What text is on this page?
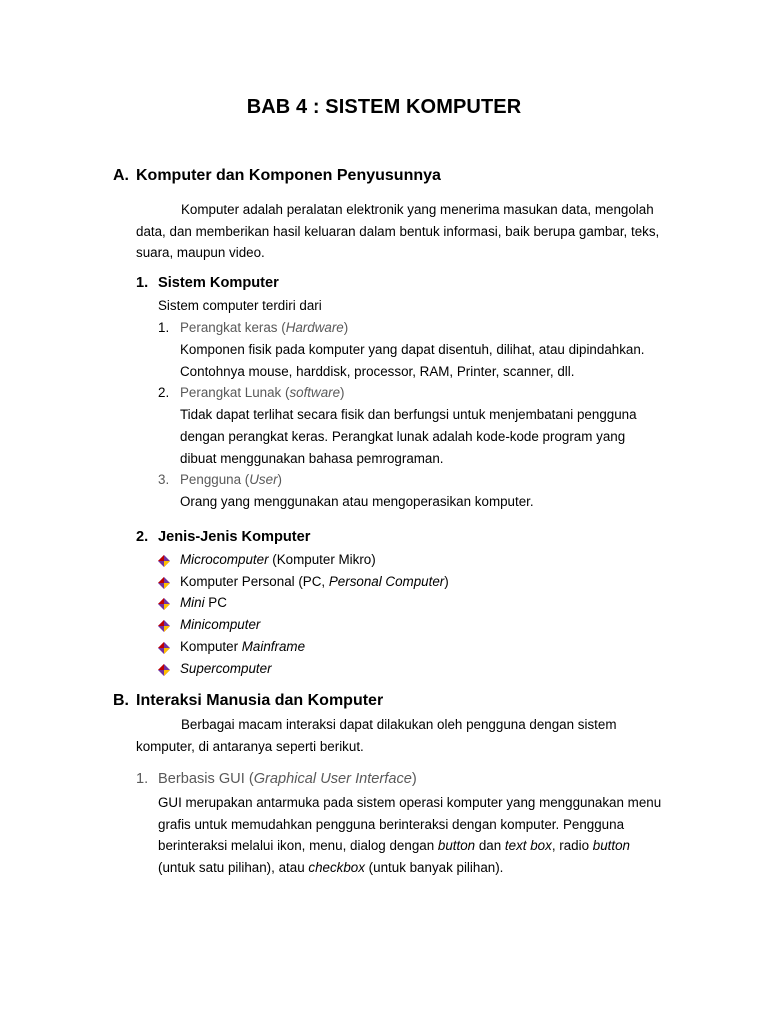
BAB 4 : SISTEM KOMPUTER
A. Komputer dan Komponen Penyusunnya
Komputer adalah peralatan elektronik yang menerima masukan data, mengolah data, dan memberikan hasil keluaran dalam bentuk informasi, baik berupa gambar, teks, suara, maupun video.
1. Sistem Komputer
Sistem computer terdiri dari
1. Perangkat keras (Hardware)
Komponen fisik pada komputer yang dapat disentuh, dilihat, atau dipindahkan.
Contohnya mouse, harddisk, processor, RAM, Printer, scanner, dll.
2. Perangkat Lunak (software)
Tidak dapat terlihat secara fisik dan berfungsi untuk menjembatani pengguna
dengan perangkat keras. Perangkat lunak adalah kode-kode program yang
dibuat menggunakan bahasa pemrograman.
3. Pengguna (User)
Orang yang menggunakan atau mengoperasikan komputer.
2. Jenis-Jenis Komputer
Microcomputer (Komputer Mikro)
Komputer Personal (PC, Personal Computer)
Mini PC
Minicomputer
Komputer Mainframe
Supercomputer
B. Interaksi Manusia dan Komputer
Berbagai macam interaksi dapat dilakukan oleh pengguna dengan sistem
komputer, di antaranya seperti berikut.
1. Berbasis GUI (Graphical User Interface)
GUI merupakan antarmuka pada sistem operasi komputer yang menggunakan menu
grafis untuk memudahkan pengguna berinteraksi dengan komputer. Pengguna
berinteraksi melalui ikon, menu, dialog dengan button dan text box, radio button
(untuk satu pilihan), atau checkbox (untuk banyak pilihan).
